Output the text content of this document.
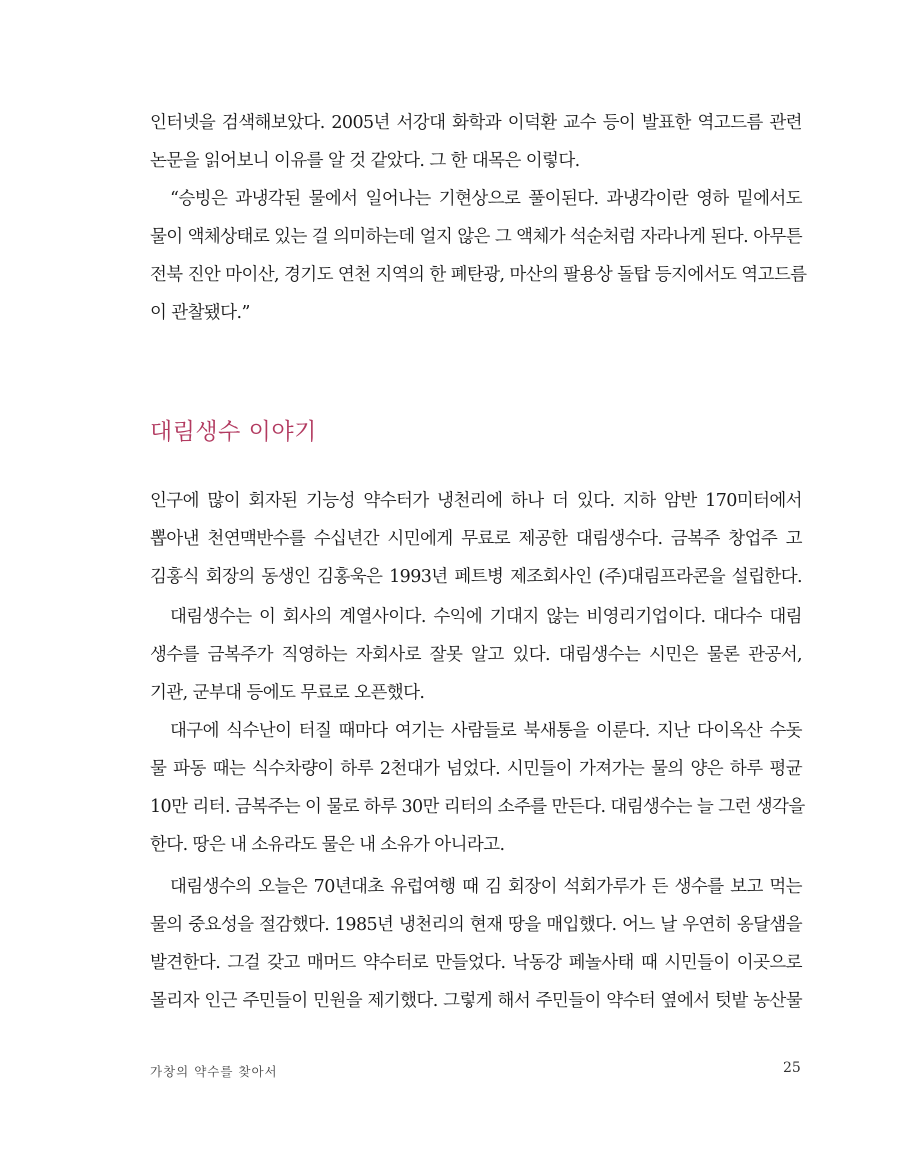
인터넷을 검색해보았다. 2005년 서강대 화학과 이덕환 교수 등이 발표한 역고드름 관련
논문을 읽어보니 이유를 알 것 같았다. 그 한 대목은 이렇다.
“승빙은 과냉각된 물에서 일어나는 기현상으로 풀이된다. 과냉각이란 영하 밑에서도
물이 액체상태로 있는 걸 의미하는데 얼지 않은 그 액체가 석순처럼 자라나게 된다. 아무튼
전북 진안 마이산, 경기도 연천 지역의 한 폐탄광, 마산의 팔용상 돌탑 등지에서도 역고드름
이 관찰됐다.”
대림생수 이야기
인구에 많이 회자된 기능성 약수터가 냉천리에 하나 더 있다. 지하 암반 170미터에서
뽑아낸 천연맥반수를 수십년간 시민에게 무료로 제공한 대림생수다. 금복주 창업주 고
김홍식 회장의 동생인 김홍욱은 1993년 페트병 제조회사인 (주)대림프라콘을 설립한다.
대림생수는 이 회사의 계열사이다. 수익에 기대지 않는 비영리기업이다. 대다수 대림
생수를 금복주가 직영하는 자회사로 잘못 알고 있다. 대림생수는 시민은 물론 관공서,
기관, 군부대 등에도 무료로 오픈했다.
대구에 식수난이 터질 때마다 여기는 사람들로 북새통을 이룬다. 지난 다이옥산 수돗
물 파동 때는 식수차량이 하루 2천대가 넘었다. 시민들이 가져가는 물의 양은 하루 평균
10만 리터. 금복주는 이 물로 하루 30만 리터의 소주를 만든다. 대림생수는 늘 그런 생각을
한다. 땅은 내 소유라도 물은 내 소유가 아니라고.
대림생수의 오늘은 70년대초 유럽여행 때 김 회장이 석회가루가 든 생수를 보고 먹는
물의 중요성을 절감했다. 1985년 냉천리의 현재 땅을 매입했다. 어느 날 우연히 옹달샘을
발견한다. 그걸 갖고 매머드 약수터로 만들었다. 낙동강 페놀사태 때 시민들이 이곳으로
몰리자 인근 주민들이 민원을 제기했다. 그렇게 해서 주민들이 약수터 옆에서 텃밭 농산물
가창의 약수를 찾아서	25
